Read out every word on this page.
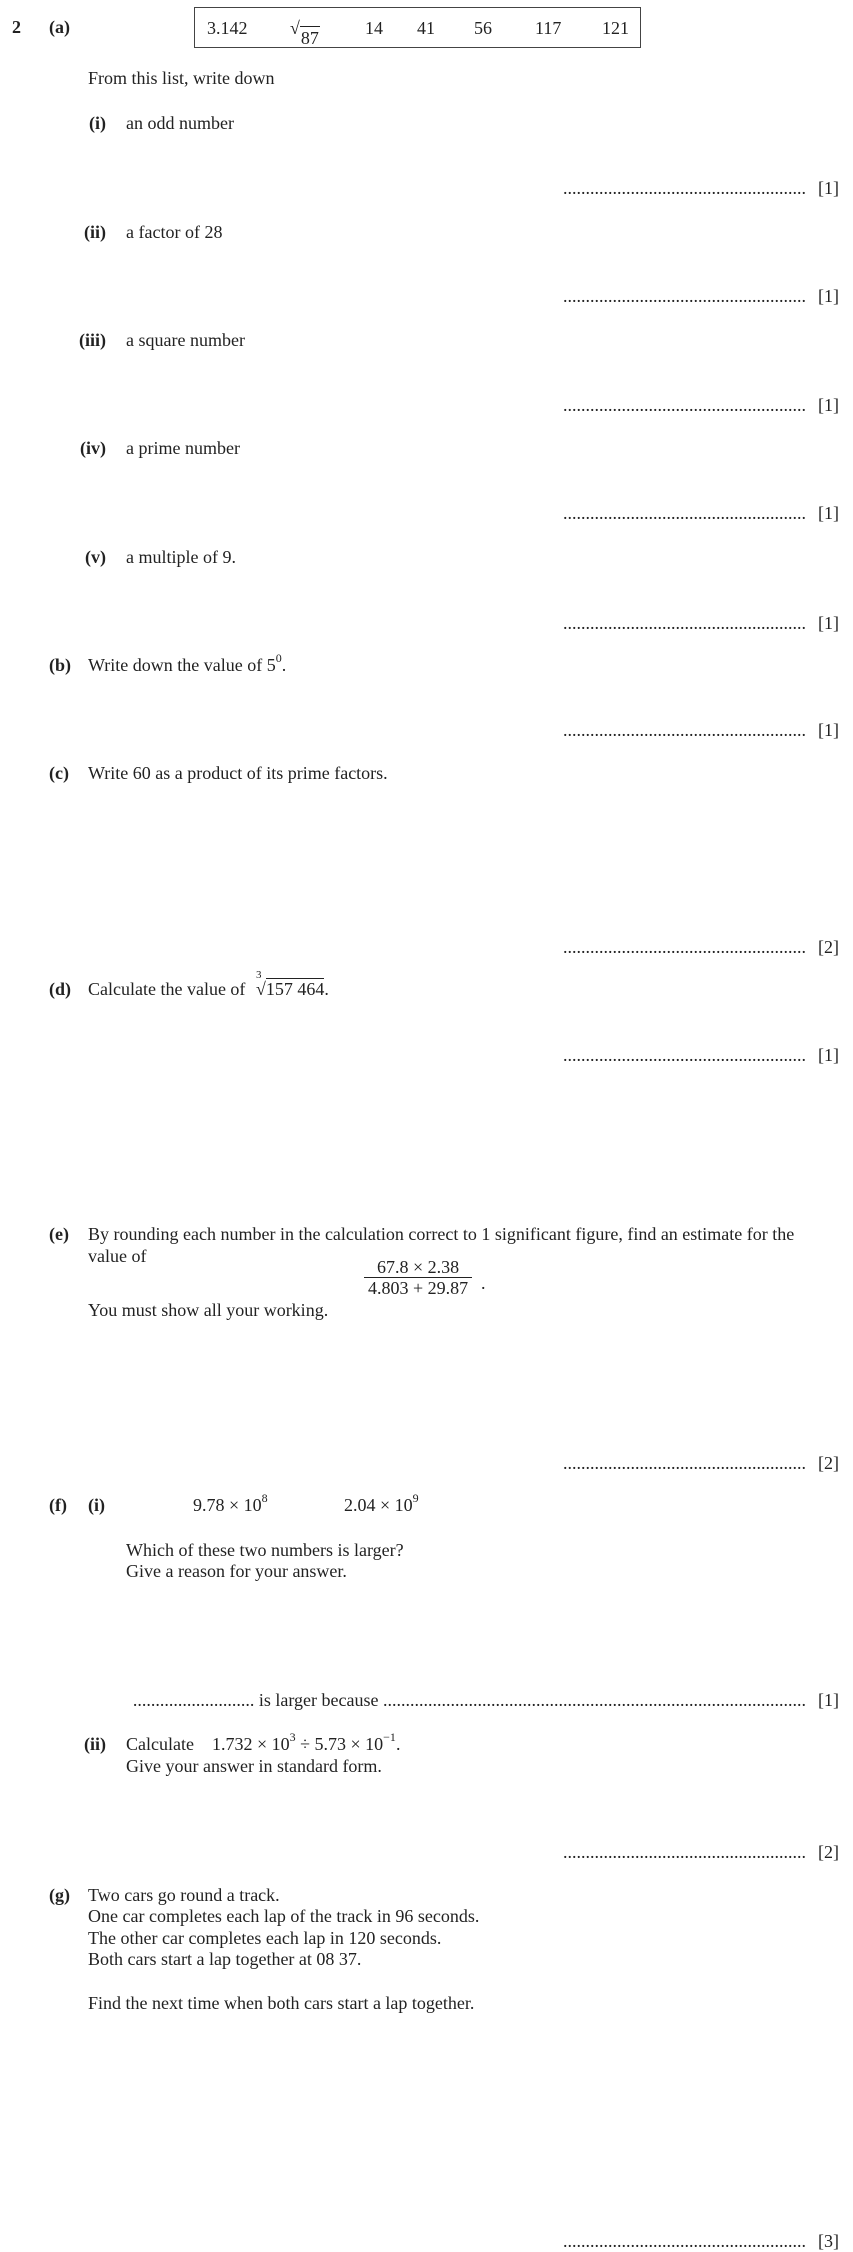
2 (a)	3.142 √ 87	14 41 56 117 121
From this list, write down
(i) an odd number
...................................................... [1]
(ii) a factor of 28
...................................................... [1]
(iii) a square number
...................................................... [1]
(iv) a prime number
...................................................... [1]
(v) a multiple of 9.
...................................................... [1]
(b) Write down the value of $5^0$.
...................................................... [1]
(c) Write 60 as a product of its prime factors.
...................................................... [2]
(d) Calculate the value of
3
√157 464.
...................................................... [1]
(e) By rounding each number in the calculation correct to 1 significant figure, find an estimate for the
value of
$\frac{67.8 \times 2.38}{4.803 + 29.87}$ .
You must show all your working.
...................................................... [2]
(f) (i)	$9.78 \times 10^8$	$2.04 \times 10^9$
Which of these two numbers is larger?
Give a reason for your answer.
........................... is larger because .............................................................................................. [1]
(ii) Calculate $1.732 \times 10^3 \div 5.73 \times 10^{-1}$.
Give your answer in standard form.
...................................................... [2]
(g) Two cars go round a track.
One car completes each lap of the track in 96 seconds.
The other car completes each lap in 120 seconds.
Both cars start a lap together at 08 37.
Find the next time when both cars start a lap together.
...................................................... [3]
